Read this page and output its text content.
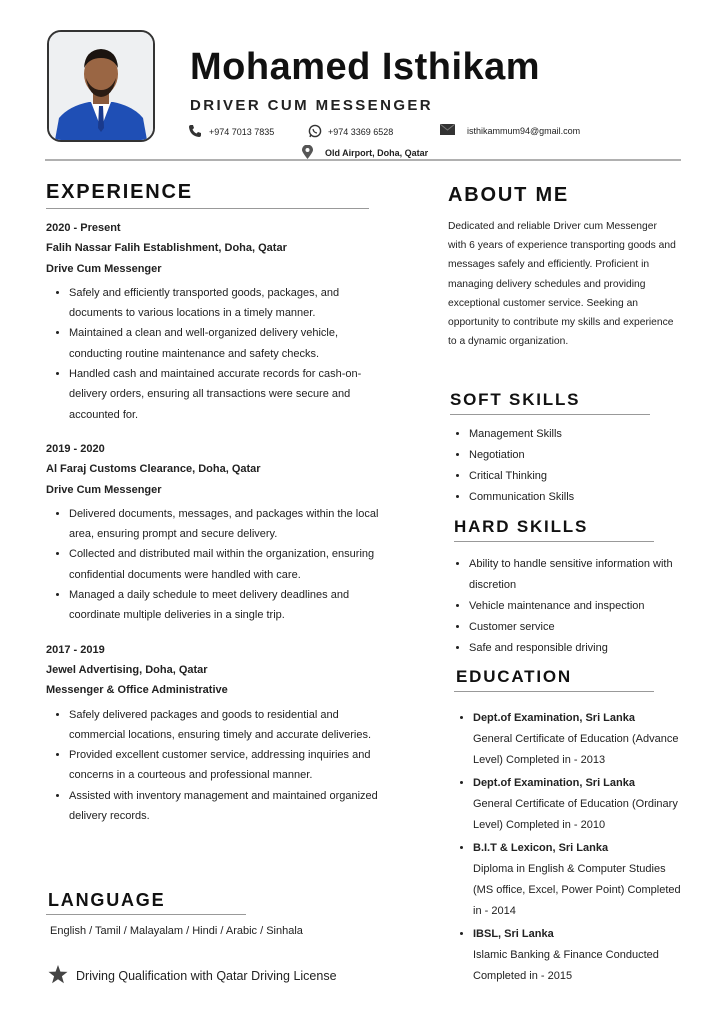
Mohamed Isthikam
DRIVER CUM MESSENGER
+974 7013 7835	+974 3369 6528	isthikammum94@gmail.com
Old Airport, Doha, Qatar
EXPERIENCE
2020 - Present
Falih Nassar Falih Establishment, Doha, Qatar
Drive Cum Messenger
• Safely and efficiently transported goods, packages, and documents to various locations in a timely manner.
• Maintained a clean and well-organized delivery vehicle, conducting routine maintenance and safety checks.
• Handled cash and maintained accurate records for cash-on-delivery orders, ensuring all transactions were secure and accounted for.
2019 - 2020
Al Faraj Customs Clearance, Doha, Qatar
Drive Cum Messenger
• Delivered documents, messages, and packages within the local area, ensuring prompt and secure delivery.
• Collected and distributed mail within the organization, ensuring confidential documents were handled with care.
• Managed a daily schedule to meet delivery deadlines and coordinate multiple deliveries in a single trip.
2017 - 2019
Jewel Advertising, Doha, Qatar
Messenger & Office Administrative
• Safely delivered packages and goods to residential and commercial locations, ensuring timely and accurate deliveries.
• Provided excellent customer service, addressing inquiries and concerns in a courteous and professional manner.
• Assisted with inventory management and maintained organized delivery records.
LANGUAGE
English / Tamil / Malayalam / Hindi / Arabic / Sinhala
Driving Qualification with Qatar Driving License
ABOUT ME
Dedicated and reliable Driver cum Messenger with 6 years of experience transporting goods and messages safely and efficiently. Proficient in managing delivery schedules and providing exceptional customer service. Seeking an opportunity to contribute my skills and experience to a dynamic organization.
SOFT SKILLS
• Management Skills
• Negotiation
• Critical Thinking
• Communication Skills
HARD SKILLS
• Ability to handle sensitive information with discretion
• Vehicle maintenance and inspection
• Customer service
• Safe and responsible driving
EDUCATION
• Dept.of Examination, Sri Lanka
General Certificate of Education (Advance Level) Completed in - 2013
• Dept.of Examination, Sri Lanka
General Certificate of Education (Ordinary Level) Completed in - 2010
• B.I.T & Lexicon, Sri Lanka
Diploma in English & Computer Studies (MS office, Excel, Power Point) Completed in - 2014
• IBSL, Sri Lanka
Islamic Banking & Finance Conducted Completed in - 2015
